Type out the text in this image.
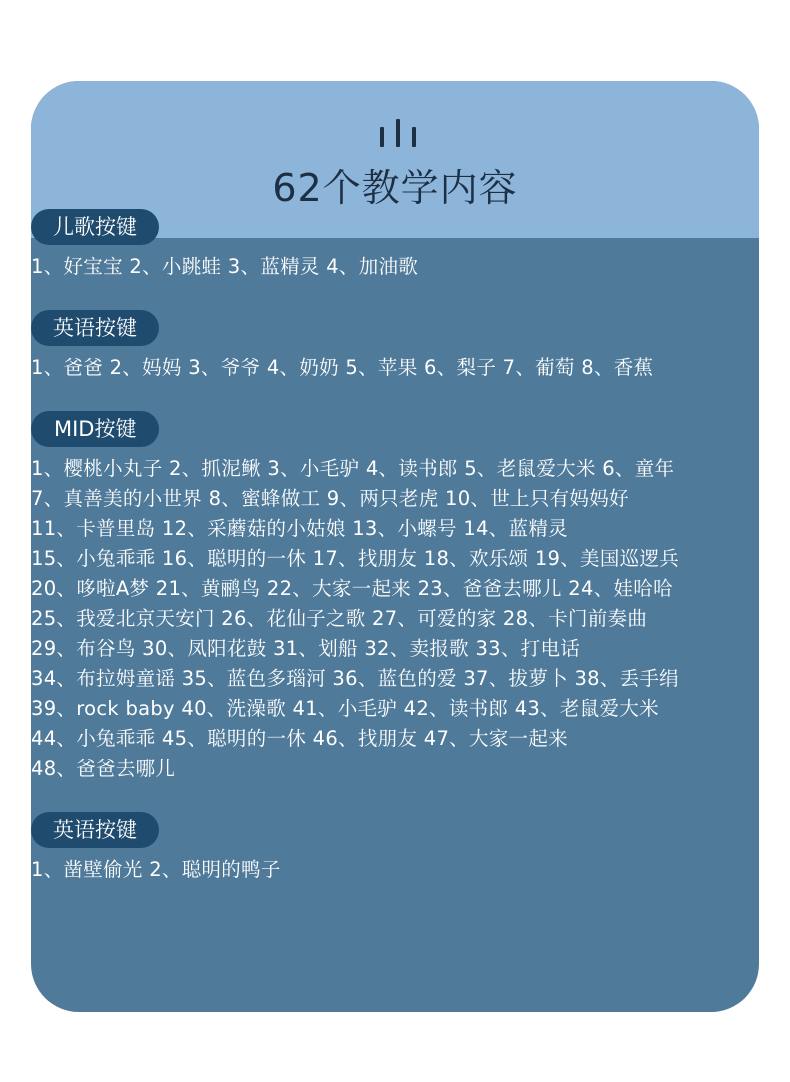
62个教学内容
儿歌按键
1、好宝宝 2、小跳蛙 3、蓝精灵 4、加油歌
英语按键
1、爸爸 2、妈妈 3、爷爷 4、奶奶 5、苹果 6、梨子 7、葡萄 8、香蕉
MID按键
1、樱桃小丸子 2、抓泥鳅 3、小毛驴 4、读书郎 5、老鼠爱大米 6、童年
7、真善美的小世界 8、蜜蜂做工 9、两只老虎 10、世上只有妈妈好
11、卡普里岛 12、采蘑菇的小姑娘 13、小螺号 14、蓝精灵
15、小兔乖乖 16、聪明的一休 17、找朋友 18、欢乐颂 19、美国巡逻兵
20、哆啦A梦 21、黄鹂鸟 22、大家一起来 23、爸爸去哪儿 24、娃哈哈
25、我爱北京天安门 26、花仙子之歌 27、可爱的家 28、卡门前奏曲
29、布谷鸟 30、凤阳花鼓 31、划船 32、卖报歌 33、打电话
34、布拉姆童谣 35、蓝色多瑙河 36、蓝色的爱 37、拔萝卜 38、丢手绢
39、rock baby 40、洗澡歌 41、小毛驴 42、读书郎 43、老鼠爱大米
44、小兔乖乖 45、聪明的一休 46、找朋友 47、大家一起来
48、爸爸去哪儿
英语按键
1、凿壁偷光 2、聪明的鸭子
